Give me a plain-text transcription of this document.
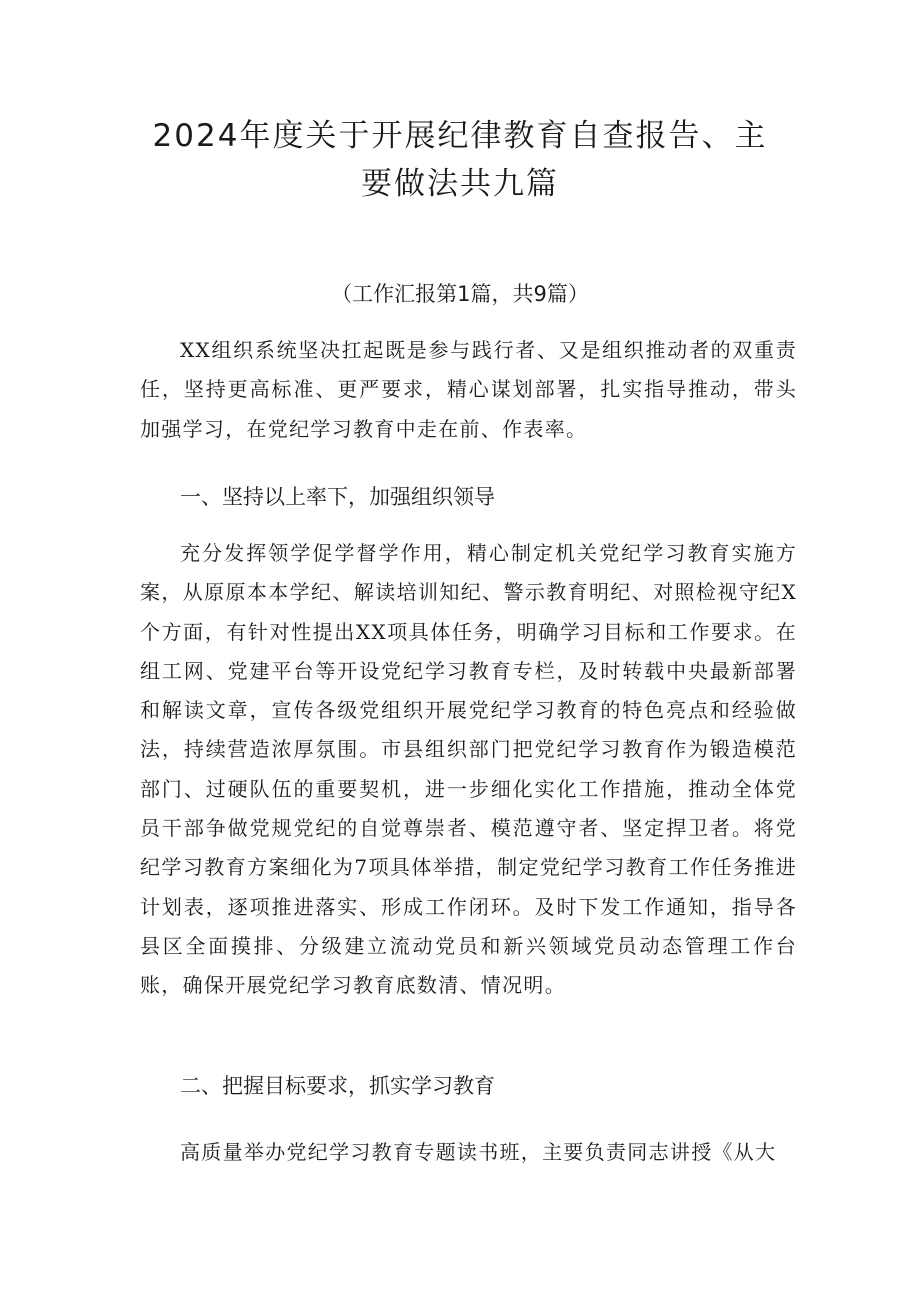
2024年度关于开展纪律教育自查报告、主
要做法共九篇

（工作汇报第1篇，共9篇）

XX组织系统坚决扛起既是参与践行者、又是组织推动者的双重责任，坚持更高标准、更严要求，精心谋划部署，扎实指导推动，带头加强学习，在党纪学习教育中走在前、作表率。

一、坚持以上率下，加强组织领导

充分发挥领学促学督学作用，精心制定机关党纪学习教育实施方案，从原原本本学纪、解读培训知纪、警示教育明纪、对照检视守纪X个方面，有针对性提出XX项具体任务，明确学习目标和工作要求。在组工网、党建平台等开设党纪学习教育专栏，及时转载中央最新部署和解读文章，宣传各级党组织开展党纪学习教育的特色亮点和经验做法，持续营造浓厚氛围。市县组织部门把党纪学习教育作为锻造模范部门、过硬队伍的重要契机，进一步细化实化工作措施，推动全体党员干部争做党规党纪的自觉尊崇者、模范遵守者、坚定捍卫者。将党纪学习教育方案细化为7项具体举措，制定党纪学习教育工作任务推进计划表，逐项推进落实、形成工作闭环。及时下发工作通知，指导各县区全面摸排、分级建立流动党员和新兴领域党员动态管理工作台账，确保开展党纪学习教育底数清、情况明。

二、把握目标要求，抓实学习教育

高质量举办党纪学习教育专题读书班，主要负责同志讲授《从大
